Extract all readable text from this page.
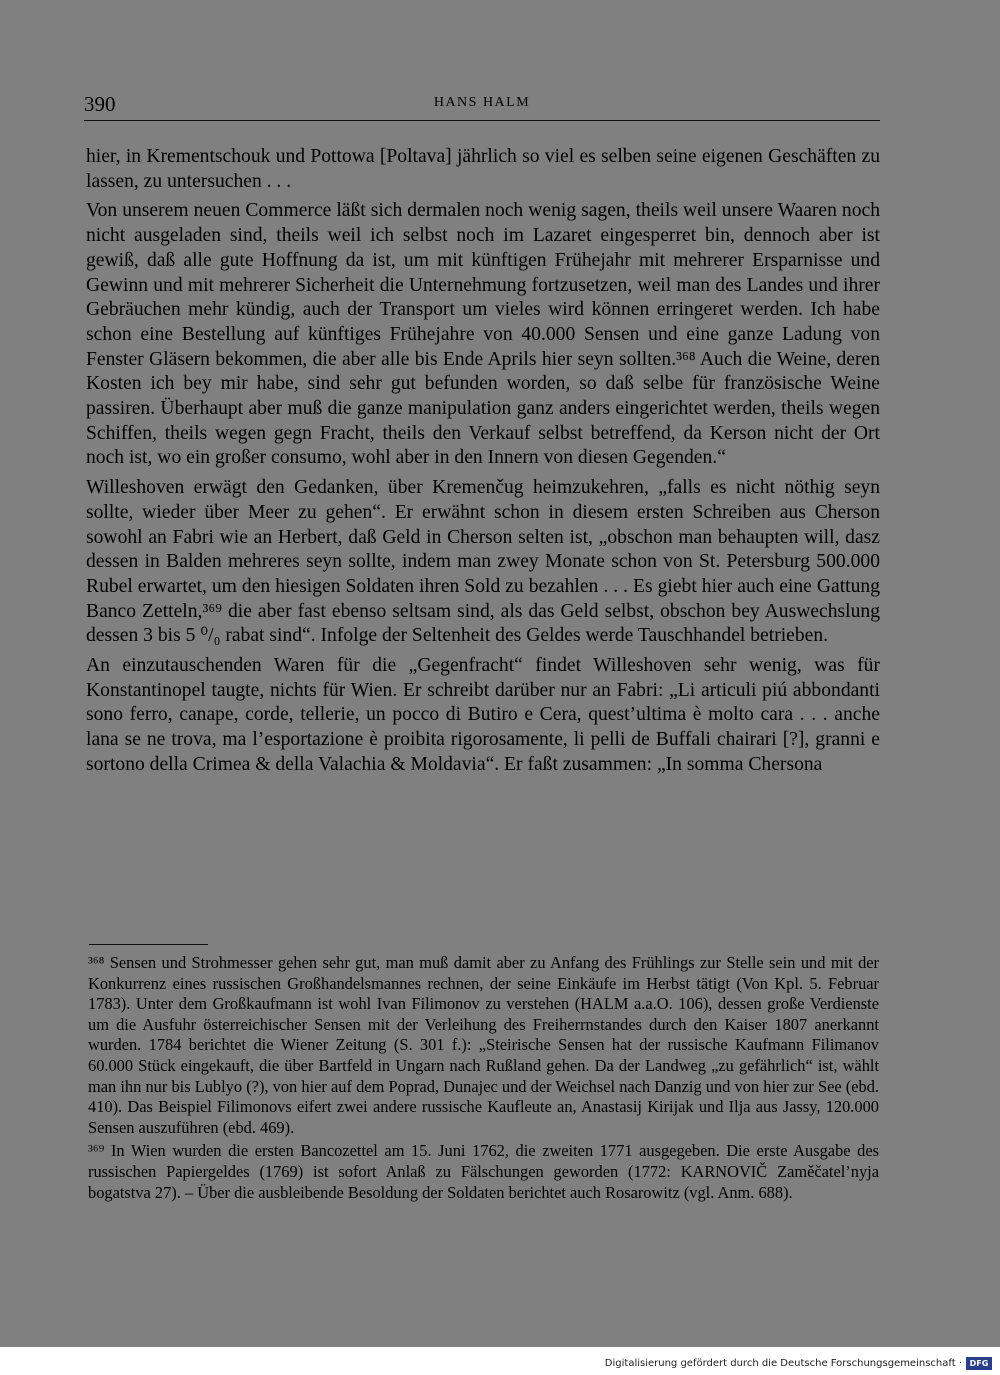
390	HANS HALM

hier, in Krementschouk und Pottowa [Poltava] jährlich so viel es selben seine eigenen Geschäften zu lassen, zu untersuchen . . .

Von unserem neuen Commerce läßt sich dermalen noch wenig sagen, theils weil unsere Waaren noch nicht ausgeladen sind, theils weil ich selbst noch im Lazaret eingesperret bin, dennoch aber ist gewiß, daß alle gute Hoffnung da ist, um mit künftigen Frühejahr mit mehrerer Ersparnisse und Gewinn und mit mehrerer Sicherheit die Unternehmung fortzusetzen, weil man des Landes und ihrer Gebräuchen mehr kündig, auch der Transport um vieles wird können erringeret werden. Ich habe schon eine Bestellung auf künftiges Frühejahre von 40.000 Sensen und eine ganze Ladung von Fenster Gläsern bekommen, die aber alle bis Ende Aprils hier seyn sollten.³⁶⁸ Auch die Weine, deren Kosten ich bey mir habe, sind sehr gut befunden worden, so daß selbe für französische Weine passiren. Überhaupt aber muß die ganze manipulation ganz anders eingerichtet werden, theils wegen Schiffen, theils wegen gegn Fracht, theils den Verkauf selbst betreffend, da Kerson nicht der Ort noch ist, wo ein großer consumo, wohl aber in den Innern von diesen Gegenden.“

Willeshoven erwägt den Gedanken, über Kremenčug heimzukehren, „falls es nicht nöthig seyn sollte, wieder über Meer zu gehen“. Er erwähnt schon in diesem ersten Schreiben aus Cherson sowohl an Fabri wie an Herbert, daß Geld in Cherson selten ist, „obschon man behaupten will, dasz dessen in Balden mehreres seyn sollte, indem man zwey Monate schon von St. Petersburg 500.000 Rubel erwartet, um den hiesigen Soldaten ihren Sold zu bezahlen . . . Es giebt hier auch eine Gattung Banco Zetteln,³⁶⁹ die aber fast ebenso seltsam sind, als das Geld selbst, obschon bey Auswechslung dessen 3 bis 5 ⁰/₀ rabat sind“. Infolge der Seltenheit des Geldes werde Tauschhandel betrieben.

An einzutauschenden Waren für die „Gegenfracht“ findet Willeshoven sehr wenig, was für Konstantinopel taugte, nichts für Wien. Er schreibt darüber nur an Fabri: „Li articuli piú abbondanti sono ferro, canape, corde, tellerie, un pocco di Butiro e Cera, quest’ultima è molto cara . . . anche lana se ne trova, ma l’esportazione è proibita rigorosamente, li pelli de Buffali chairari [?], granni e sortono della Crimea & della Valachia & Moldavia“. Er faßt zusammen: „In somma Chersona

³⁶⁸ Sensen und Strohmesser gehen sehr gut, man muß damit aber zu Anfang des Frühlings zur Stelle sein und mit der Konkurrenz eines russischen Großhandelsmannes rechnen, der seine Einkäufe im Herbst tätigt (Von Kpl. 5. Februar 1783). Unter dem Großkaufmann ist wohl Ivan Filimonov zu verstehen (HALM a.a.O. 106), dessen große Verdienste um die Ausfuhr österreichischer Sensen mit der Verleihung des Freiherrnstandes durch den Kaiser 1807 anerkannt wurden. 1784 berichtet die Wiener Zeitung (S. 301 f.): „Steirische Sensen hat der russische Kaufmann Filimanov 60.000 Stück eingekauft, die über Bartfeld in Ungarn nach Rußland gehen. Da der Landweg „zu gefährlich“ ist, wählt man ihn nur bis Lublyo (?), von hier auf dem Poprad, Dunajec und der Weichsel nach Danzig und von hier zur See (ebd. 410). Das Beispiel Filimonovs eifert zwei andere russische Kaufleute an, Anastasij Kirijak und Ilja aus Jassy, 120.000 Sensen auszuführen (ebd. 469).

³⁶⁹ In Wien wurden die ersten Bancozettel am 15. Juni 1762, die zweiten 1771 ausgegeben. Die erste Ausgabe des russischen Papiergeldes (1769) ist sofort Anlaß zu Fälschungen geworden (1772: KARNOVIČ Zaměčatel’nyja bogatstva 27). – Über die ausbleibende Besoldung der Soldaten berichtet auch Rosarowitz (vgl. Anm. 688).

Digitalisierung gefördert durch die Deutsche Forschungsgemeinschaft · DFG
